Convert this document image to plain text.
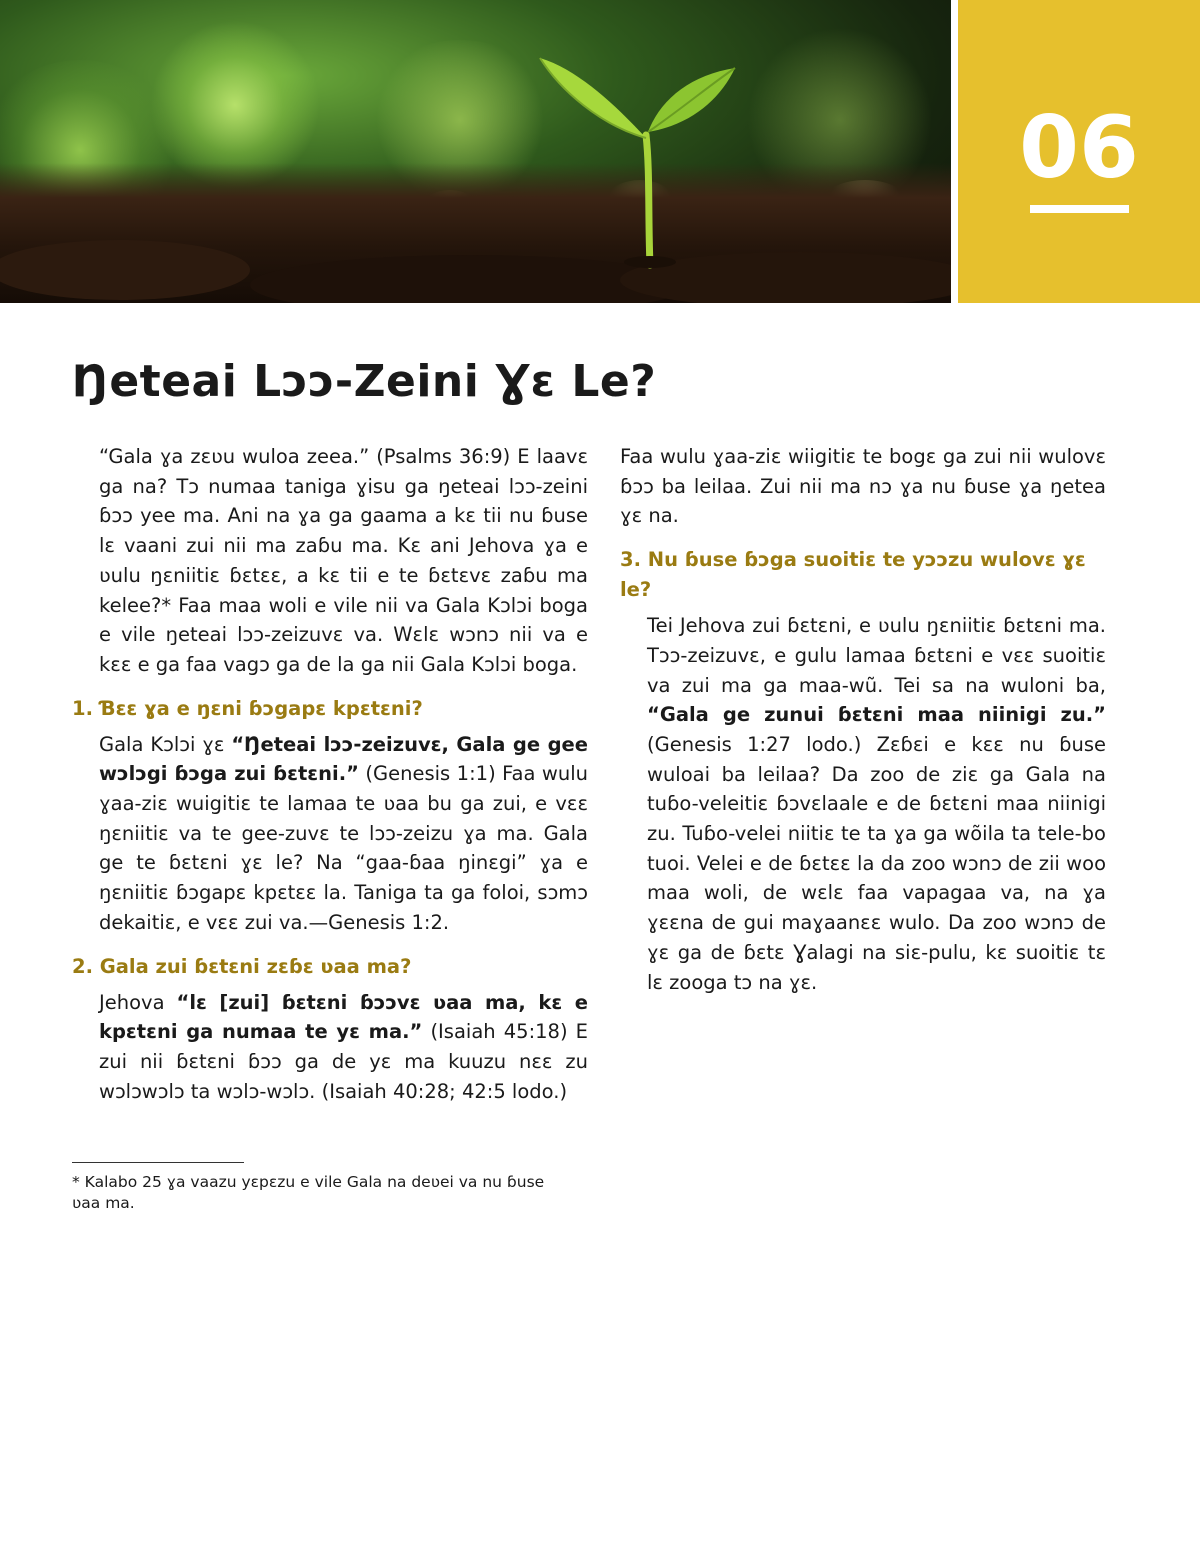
06
Ŋeteai Lɔɔ-Zeini Ɣɛ Le?

“Gala ɣa zɛʋu wuloa zeea.” (Psalms 36:9) E laavɛ ga na? Tɔ numaa taniga ɣisu ga ŋeteai lɔɔ-zeini ɓɔɔ yee ma. Ani na ɣa ga gaama a kɛ tii nu ɓuse lɛ vaani zui nii ma zaɓu ma. Kɛ ani Jehova ɣa e ʋulu ŋɛniitiɛ ɓɛtɛɛ, a kɛ tii e te ɓɛtɛvɛ zaɓu ma kelee?* Faa maa woli e vile nii va Gala Kɔlɔi boga e vile ŋeteai lɔɔ-zeizuvɛ va. Wɛlɛ wɔnɔ nii va e kɛɛ e ga faa vagɔ ga de la ga nii Gala Kɔlɔi boga.

1. Ɓɛɛ ɣa e ŋɛni ɓɔgapɛ kpɛtɛni?

Gala Kɔlɔi ɣɛ “Ŋeteai lɔɔ-zeizuvɛ, Gala ge gee wɔlɔgi ɓɔga zui ɓɛtɛni.” (Genesis 1:1) Faa wulu ɣaa-ziɛ wuigitiɛ te lamaa te ʋaa bu ga zui, e vɛɛ ŋɛniitiɛ va te gee-zuvɛ te lɔɔ-zeizu ɣa ma. Gala ge te ɓɛtɛni ɣɛ le? Na “gaa-ɓaa ŋinɛgi” ɣa e ŋɛniitiɛ ɓɔgapɛ kpɛtɛɛ la. Taniga ta ga foloi, sɔmɔ dekaitiɛ, e vɛɛ zui va.—Genesis 1:2.

2. Gala zui ɓɛtɛni zɛɓɛ ʋaa ma?

Jehova “lɛ [zui] ɓɛtɛni ɓɔɔvɛ ʋaa ma, kɛ e kpɛtɛni ga numaa te yɛ ma.” (Isaiah 45:18) E zui nii ɓɛtɛni ɓɔɔ ga de yɛ ma kuuzu nɛɛ zu wɔlɔwɔlɔ ta wɔlɔ-wɔlɔ. (Isaiah 40:28; 42:5 lodo.)

Faa wulu ɣaa-ziɛ wiigitiɛ te bogɛ ga zui nii wulovɛ ɓɔɔ ba leilaa. Zui nii ma nɔ ɣa nu ɓuse ɣa ŋetea ɣɛ na.

3. Nu ɓuse ɓɔga suoitiɛ te yɔɔzu wulovɛ ɣɛ le?

Tei Jehova zui ɓɛtɛni, e ʋulu ŋɛniitiɛ ɓɛtɛni ma. Tɔɔ-zeizuvɛ, e gulu lamaa ɓɛtɛni e vɛɛ suoitiɛ va zui ma ga maa-wũ. Tei sa na wuloni ba, “Gala ge zunui ɓɛtɛni maa niinigi zu.” (Genesis 1:27 lodo.) Zɛɓɛi e kɛɛ nu ɓuse wuloai ba leilaa? Da zoo de ziɛ ga Gala na tuɓo-veleitiɛ ɓɔvɛlaale e de ɓɛtɛni maa niinigi zu. Tuɓo-velei niitiɛ te ta ɣa ga wõila ta tele-bo tuoi. Velei e de ɓɛtɛɛ la da zoo wɔnɔ de zii woo maa woli, de wɛlɛ faa vapagaa va, na ɣa ɣɛɛna de gui maɣaanɛɛ wulo. Da zoo wɔnɔ de ɣɛ ga de ɓɛtɛ Ɣalagi na siɛ-pulu, kɛ suoitiɛ tɛ lɛ zooga tɔ na ɣɛ.

* Kalabo 25 ɣa vaazu yɛpɛzu e vile Gala na deʋei va nu ɓuse ʋaa ma.
